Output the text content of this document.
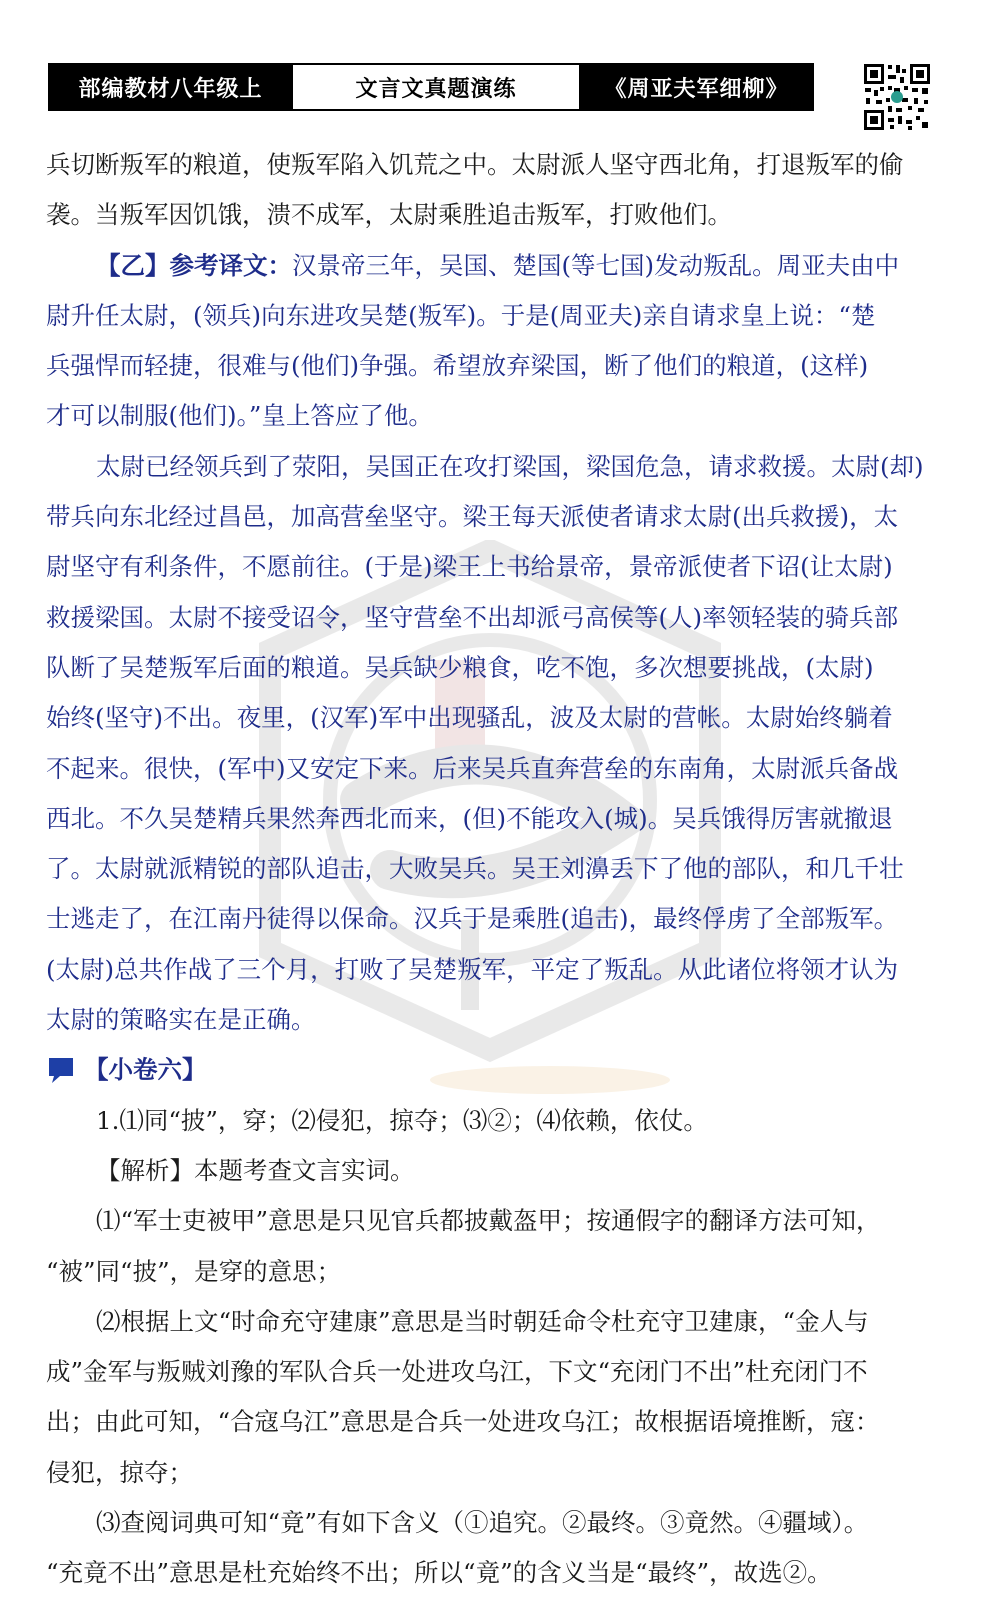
部编教材八年级上	文言文真题演练	《周亚夫军细柳》
兵切断叛军的粮道，使叛军陷入饥荒之中。太尉派人坚守西北角，打退叛军的偷
袭。当叛军因饥饿，溃不成军，太尉乘胜追击叛军，打败他们。
【乙】参考译文：汉景帝三年，吴国、楚国(等七国)发动叛乱。周亚夫由中
尉升任太尉，(领兵)向东进攻吴楚(叛军)。于是(周亚夫)亲自请求皇上说：“楚
兵强悍而轻捷，很难与(他们)争强。希望放弃梁国，断了他们的粮道，(这样)
才可以制服(他们)。”皇上答应了他。
太尉已经领兵到了荥阳，吴国正在攻打梁国，梁国危急，请求救援。太尉(却)
带兵向东北经过昌邑，加高营垒坚守。梁王每天派使者请求太尉(出兵救援)，太
尉坚守有利条件，不愿前往。(于是)梁王上书给景帝，景帝派使者下诏(让太尉)
救援梁国。太尉不接受诏令，坚守营垒不出却派弓高侯等(人)率领轻装的骑兵部
队断了吴楚叛军后面的粮道。吴兵缺少粮食，吃不饱，多次想要挑战，(太尉)
始终(坚守)不出。夜里，(汉军)军中出现骚乱，波及太尉的营帐。太尉始终躺着
不起来。很快，(军中)又安定下来。后来吴兵直奔营垒的东南角，太尉派兵备战
西北。不久吴楚精兵果然奔西北而来，(但)不能攻入(城)。吴兵饿得厉害就撤退
了。太尉就派精锐的部队追击，大败吴兵。吴王刘濞丢下了他的部队，和几千壮
士逃走了，在江南丹徒得以保命。汉兵于是乘胜(追击)，最终俘虏了全部叛军。
(太尉)总共作战了三个月，打败了吴楚叛军，平定了叛乱。从此诸位将领才认为
太尉的策略实在是正确。
【小卷六】
1.⑴同“披”，穿；⑵侵犯，掠夺；⑶②；⑷依赖，依仗。
【解析】本题考查文言实词。
⑴“军士吏被甲”意思是只见官兵都披戴盔甲；按通假字的翻译方法可知，
“被”同“披”，是穿的意思；
⑵根据上文“时命充守建康”意思是当时朝廷命令杜充守卫建康，“金人与
成”金军与叛贼刘豫的军队合兵一处进攻乌江，下文“充闭门不出”杜充闭门不
出；由此可知，“合寇乌江”意思是合兵一处进攻乌江；故根据语境推断，寇：
侵犯，掠夺；
⑶查阅词典可知“竟”有如下含义（①追究。②最终。③竟然。④疆域）。
“充竟不出”意思是杜充始终不出；所以“竟”的含义当是“最终”，故选②。
